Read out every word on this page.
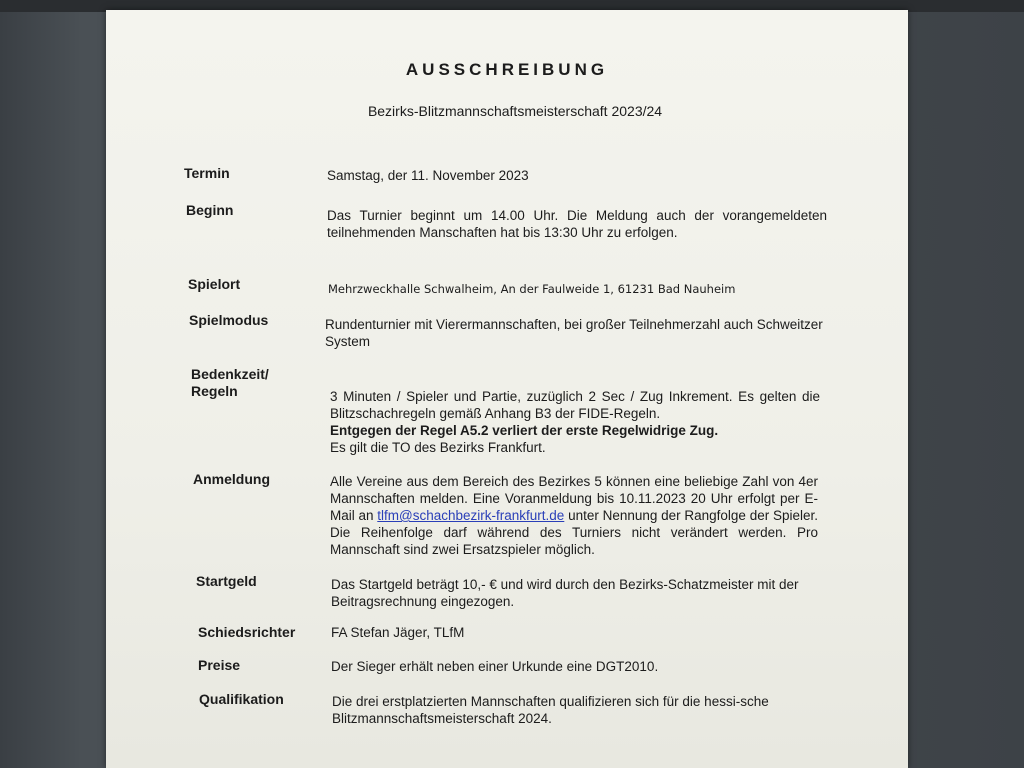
AUSSCHREIBUNG
Bezirks-Blitzmannschaftsmeisterschaft 2023/24
Termin	Samstag, der 11. November 2023
Beginn	Das Turnier beginnt um 14.00 Uhr. Die Meldung auch der vorangemeldeten teilnehmenden Manschaften hat bis 13:30 Uhr zu erfolgen.
Spielort	Mehrzweckhalle Schwalheim, An der Faulweide 1, 61231 Bad Nauheim
Spielmodus	Rundenturnier mit Vierermannschaften, bei großer Teilnehmerzahl auch Schweitzer System
Bedenkzeit/
Regeln	3 Minuten / Spieler und Partie, zuzüglich 2 Sec / Zug Inkrement. Es gelten die Blitzschachregeln gemäß Anhang B3 der FIDE-Regeln.
Entgegen der Regel A5.2 verliert der erste Regelwidrige Zug.
Es gilt die TO des Bezirks Frankfurt.
Anmeldung	Alle Vereine aus dem Bereich des Bezirkes 5 können eine beliebige Zahl von 4er Mannschaften melden. Eine Voranmeldung bis 10.11.2023 20 Uhr erfolgt per E-Mail an tlfm@schachbezirk-frankfurt.de unter Nennung der Rangfolge der Spieler. Die Reihenfolge darf während des Turniers nicht verändert werden. Pro Mannschaft sind zwei Ersatzspieler möglich.
Startgeld	Das Startgeld beträgt 10,- € und wird durch den Bezirks-Schatzmeister mit der Beitragsrechnung eingezogen.
Schiedsrichter	FA Stefan Jäger, TLfM
Preise	Der Sieger erhält neben einer Urkunde eine DGT2010.
Qualifikation	Die drei erstplatzierten Mannschaften qualifizieren sich für die hessi-sche Blitzmannschaftsmeisterschaft 2024.
